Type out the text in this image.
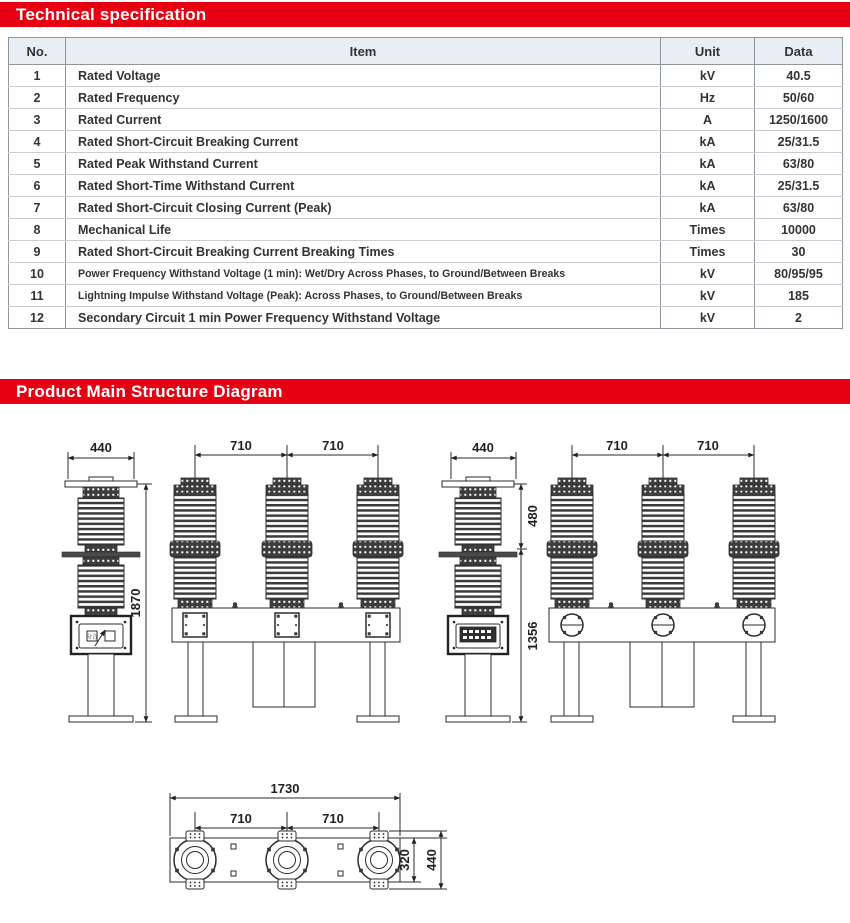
Technical specification
No.	Item	Unit	Data
1	Rated Voltage	kV	40.5
2	Rated Frequency	Hz	50/60
3	Rated Current	A	1250/1600
4	Rated Short-Circuit Breaking Current	kA	25/31.5
5	Rated Peak Withstand Current	kA	63/80
6	Rated Short-Time Withstand Current	kA	25/31.5
7	Rated Short-Circuit Closing Current (Peak)	kA	63/80
8	Mechanical Life	Times	10000
9	Rated Short-Circuit Breaking Current Breaking Times	Times	30
10	Power Frequency Withstand Voltage (1 min): Wet/Dry Across Phases, to Ground/Between Breaks	kV	80/95/95
11	Lightning Impulse Withstand Voltage (Peak): Across Phases, to Ground/Between Breaks	kV	185
12	Secondary Circuit 1 min Power Frequency Withstand Voltage	kV	2
Product Main Structure Diagram
440
分合
1870
710	710	440
480
1356
710	710
1730
710	710
320 440
